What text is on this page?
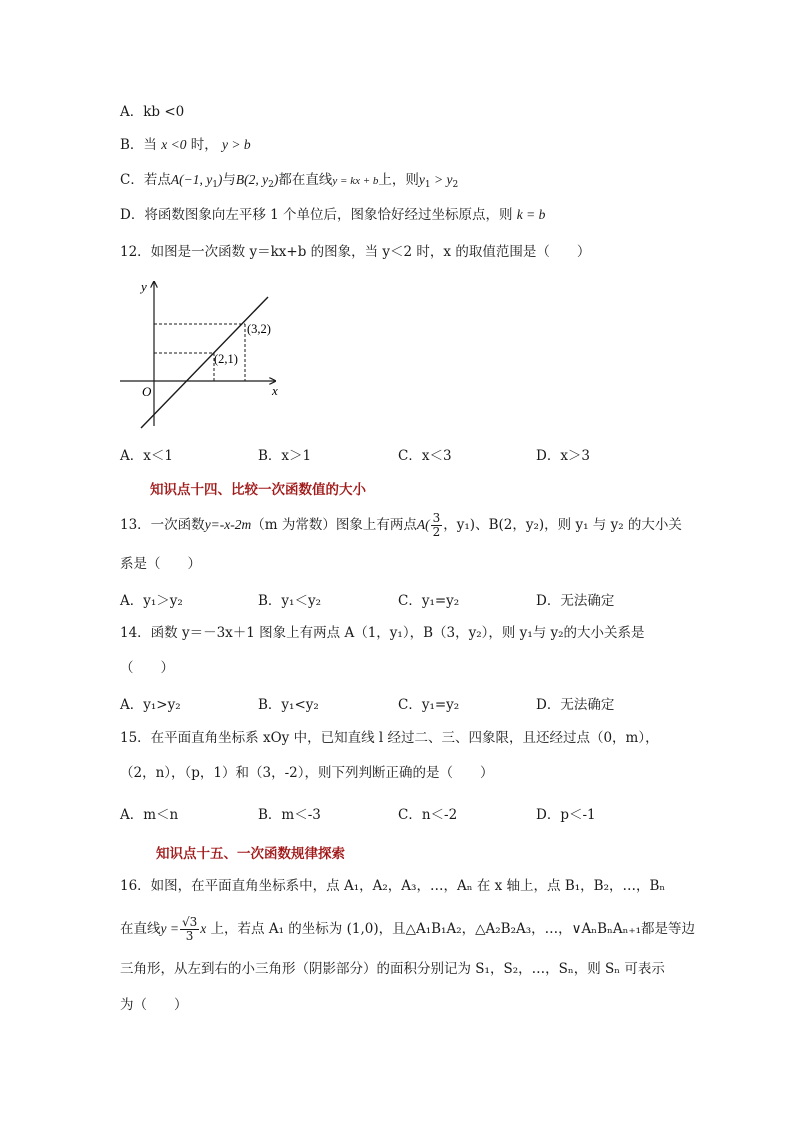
A．kb <0
B．当 x <0 时， y > b
C．若点A(−1, $y_1$)与B(2, $y_2$)都在直线y = kx + b上，则$y_1 > y_2$
D．将函数图象向左平移 1 个单位后，图象恰好经过坐标原点，则 k = b
12．如图是一次函数 y＝kx+b 的图象，当 y＜2 时，x 的取值范围是（　　）
y
x
O
(3,2)
(2,1)
A．x＜1	B．x＞1	C．x＜3	D．x＞3
知识点十四、比较一次函数值的大小
13．一次函数y=-x-2m（m 为常数）图象上有两点$A( \frac{3}{2}$ ，y₁)、B(2，y₂)，则 y₁ 与 y₂ 的大小关
系是（　　）
A．y₁＞y₂	B．y₁＜y₂	C．y₁=y₂	D．无法确定
14．函数 y＝－3x＋1 图象上有两点 A（1，y₁），B（3，y₂），则 y₁与 y₂的大小关系是
（　　）
A．y₁>y₂	B．y₁<y₂	C．y₁=y₂	D．无法确定
15．在平面直角坐标系 xOy 中，已知直线 l 经过二、三、四象限，且还经过点（0，m），
（2，n），（p，1）和（3，-2），则下列判断正确的是（　　）
A．m＜n	B．m＜-3	C．n＜-2	D．p＜-1
知识点十五、一次函数规律探索
16．如图，在平面直角坐标系中，点 A₁，A₂，A₃，…，Aₙ 在 x 轴上，点 B₁，B₂，…，Bₙ
在直线$y = \frac{√3}{3}$ x 上，若点 A₁ 的坐标为 (1,0)，且△A₁B₁A₂，△A₂B₂A₃，…，∨AₙBₙAₙ₊₁都是等边
三角形，从左到右的小三角形（阴影部分）的面积分别记为 S₁，S₂，…，Sₙ，则 Sₙ 可表示
为（　　）
